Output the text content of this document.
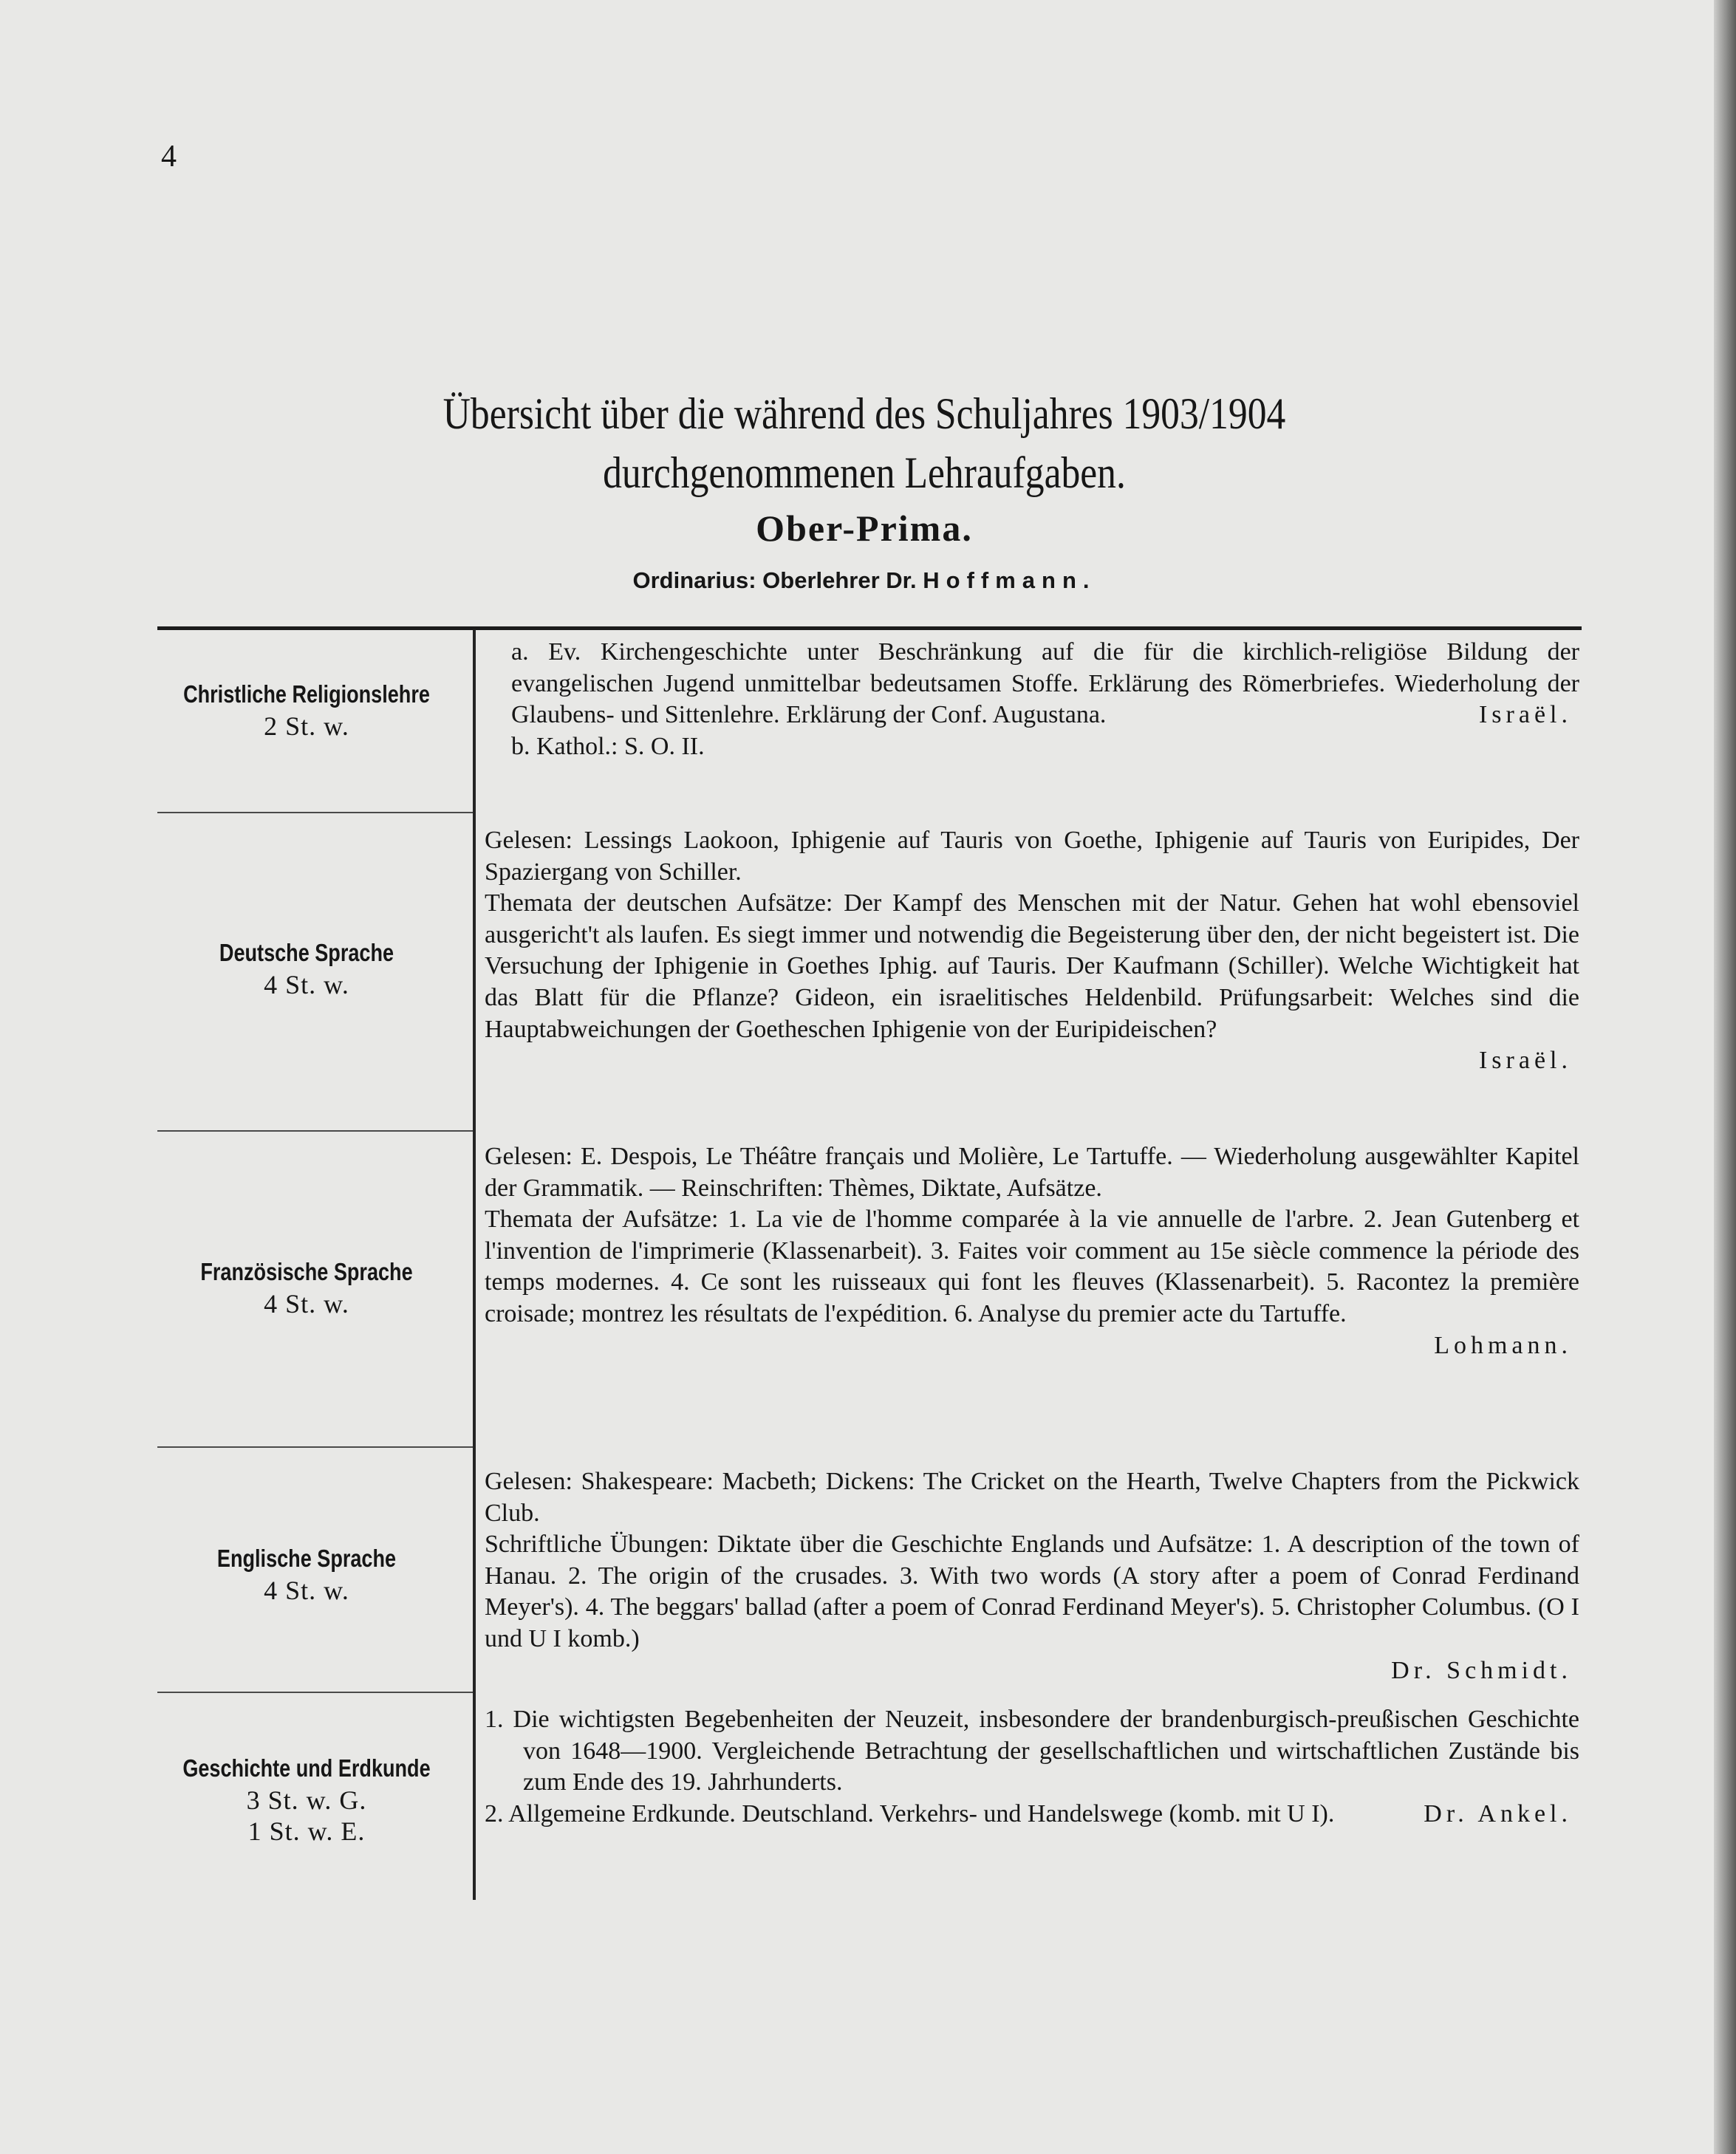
4
Übersicht über die während des Schuljahres 1903/1904
durchgenommenen Lehraufgaben.
Ober-Prima.
Ordinarius: Oberlehrer Dr. Hoffmann.
Christliche Religionslehre
2 St. w.

a. Ev. Kirchengeschichte unter Beschränkung auf die für die kirchlich-religiöse Bildung der evangelischen Jugend unmittelbar bedeutsamen Stoffe. Erklärung des Römerbriefes. Wiederholung der Glaubens- und Sittenlehre. Erklärung der Conf. Augustana.	Israël.

b. Kathol.: S. O. II.

Deutsche Sprache
4 St. w.

Gelesen: Lessings Laokoon, Iphigenie auf Tauris von Goethe, Iphigenie auf Tauris von Euripides, Der Spaziergang von Schiller.

Themata der deutschen Aufsätze: Der Kampf des Menschen mit der Natur. Gehen hat wohl ebensoviel ausgericht't als laufen. Es siegt immer und notwendig die Begeisterung über den, der nicht begeistert ist. Die Versuchung der Iphigenie in Goethes Iphig. auf Tauris. Der Kaufmann (Schiller). Welche Wichtigkeit hat das Blatt für die Pflanze? Gideon, ein israelitisches Heldenbild. Prüfungsarbeit: Welches sind die Hauptabweichungen der Goetheschen Iphigenie von der Euripideischen?

Israël.

Französische Sprache
4 St. w.

Gelesen: E. Despois, Le Théâtre français und Molière, Le Tartuffe. — Wiederholung ausgewählter Kapitel der Grammatik. — Reinschriften: Thèmes, Diktate, Aufsätze.

Themata der Aufsätze: 1. La vie de l'homme comparée à la vie annuelle de l'arbre. 2. Jean Gutenberg et l'invention de l'imprimerie (Klassenarbeit). 3. Faites voir comment au 15e siècle commence la période des temps modernes. 4. Ce sont les ruisseaux qui font les fleuves (Klassenarbeit). 5. Racontez la première croisade; montrez les résultats de l'expédition. 6. Analyse du premier acte du Tartuffe.

Lohmann.

Englische Sprache
4 St. w.

Gelesen: Shakespeare: Macbeth; Dickens: The Cricket on the Hearth, Twelve Chapters from the Pickwick Club.

Schriftliche Übungen: Diktate über die Geschichte Englands und Aufsätze: 1. A description of the town of Hanau. 2. The origin of the crusades. 3. With two words (A story after a poem of Conrad Ferdinand Meyer's). 4. The beggars' ballad (after a poem of Conrad Ferdinand Meyer's). 5. Christopher Columbus. (O I und U I komb.)

Dr. Schmidt.

Geschichte und Erdkunde
3 St. w. G.
1 St. w. E.

1. Die wichtigsten Begebenheiten der Neuzeit, insbesondere der brandenburgisch-preußischen Geschichte von 1648—1900. Vergleichende Betrachtung der gesellschaftlichen und wirtschaftlichen Zustände bis zum Ende des 19. Jahrhunderts.

2. Allgemeine Erdkunde. Deutschland. Verkehrs- und Handelswege (komb. mit U I).	Dr. Ankel.
